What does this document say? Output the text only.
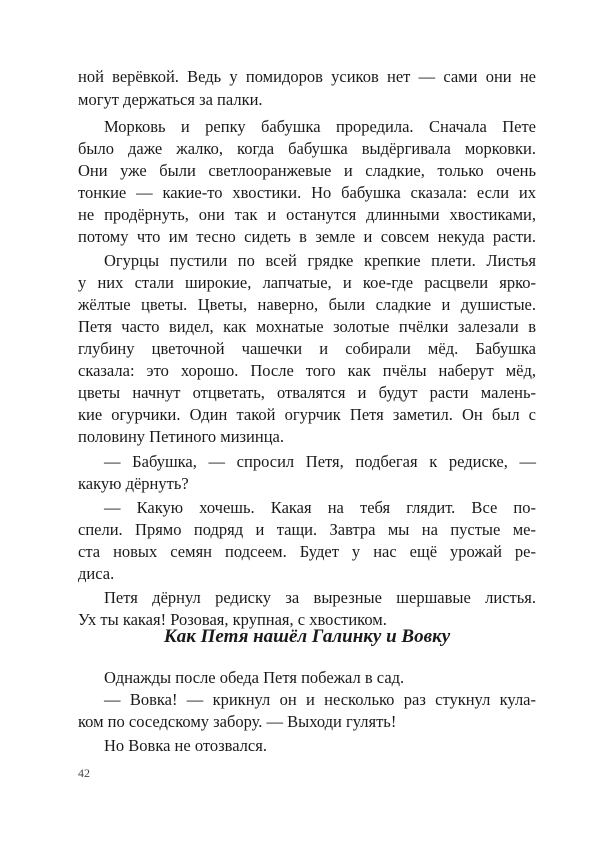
ной верёвкой. Ведь у помидоров усиков нет — сами они не
могут держаться за палки.
Морковь и репку бабушка проредила. Сначала Пете
было даже жалко, когда бабушка выдёргивала морковки.
Они уже были светлооранжевые и сладкие, только очень
тонкие — какие-то хвостики. Но бабушка сказала: если их
не продёрнуть, они так и останутся длинными хвостиками,
потому что им тесно сидеть в земле и совсем некуда расти.
Огурцы пустили по всей грядке крепкие плети. Листья
у них стали широкие, лапчатые, и кое-где расцвели ярко-
жёлтые цветы. Цветы, наверно, были сладкие и душистые.
Петя часто видел, как мохнатые золотые пчёлки залезали в
глубину цветочной чашечки и собирали мёд. Бабушка
сказала: это хорошо. После того как пчёлы наберут мёд,
цветы начнут отцветать, отвалятся и будут расти малень-
кие огурчики. Один такой огурчик Петя заметил. Он был с
половину Петиного мизинца.
— Бабушка, — спросил Петя, подбегая к редиске, —
какую дёрнуть?
— Какую хочешь. Какая на тебя глядит. Все по-
спели. Прямо подряд и тащи. Завтра мы на пустые ме-
ста новых семян подсеем. Будет у нас ещё урожай ре-
диса.
Петя дёрнул редиску за вырезные шершавые листья.
Ух ты какая! Розовая, крупная, с хвостиком.
Как Петя нашёл Галинку и Вовку
Однажды после обеда Петя побежал в сад.
— Вовка! — крикнул он и несколько раз стукнул кула-
ком по соседскому забору. — Выходи гулять!
Но Вовка не отозвался.
42
